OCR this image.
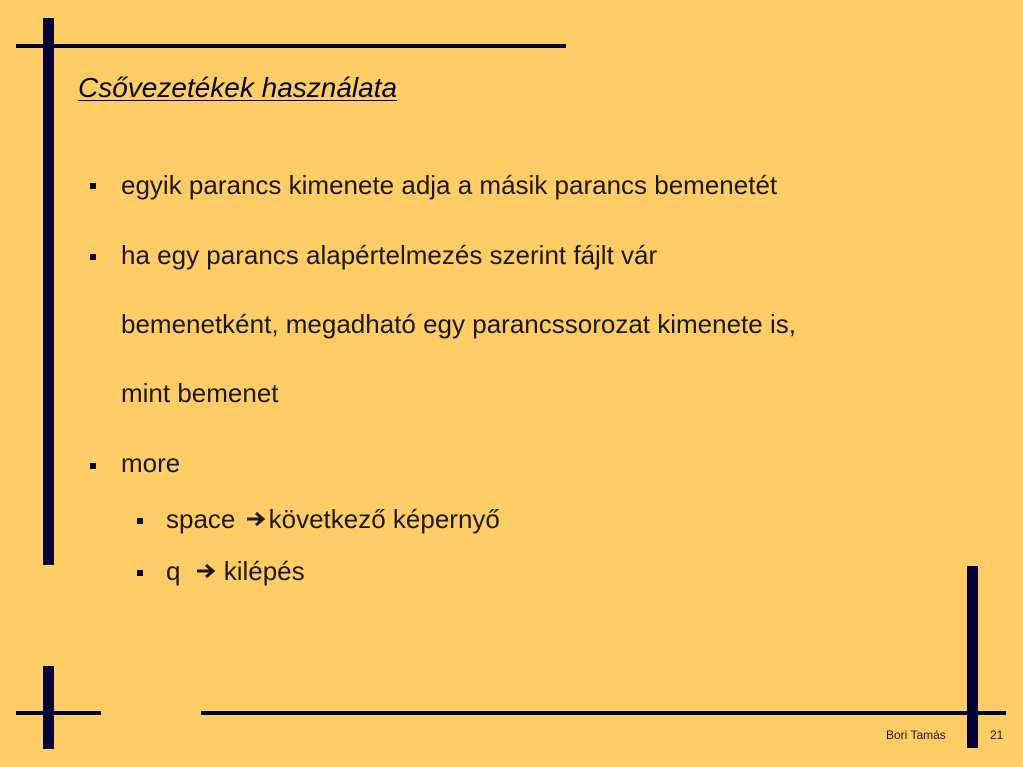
Csővezetékek használata
egyik parancs kimenete adja a másik parancs bemenetét
ha egy parancs alapértelmezés szerint fájlt vár
bemenetként, megadható egy parancssorozat kimenete is,
mint bemenet
more
space következő képernyő
q kilépés
Bori Tamás	21
